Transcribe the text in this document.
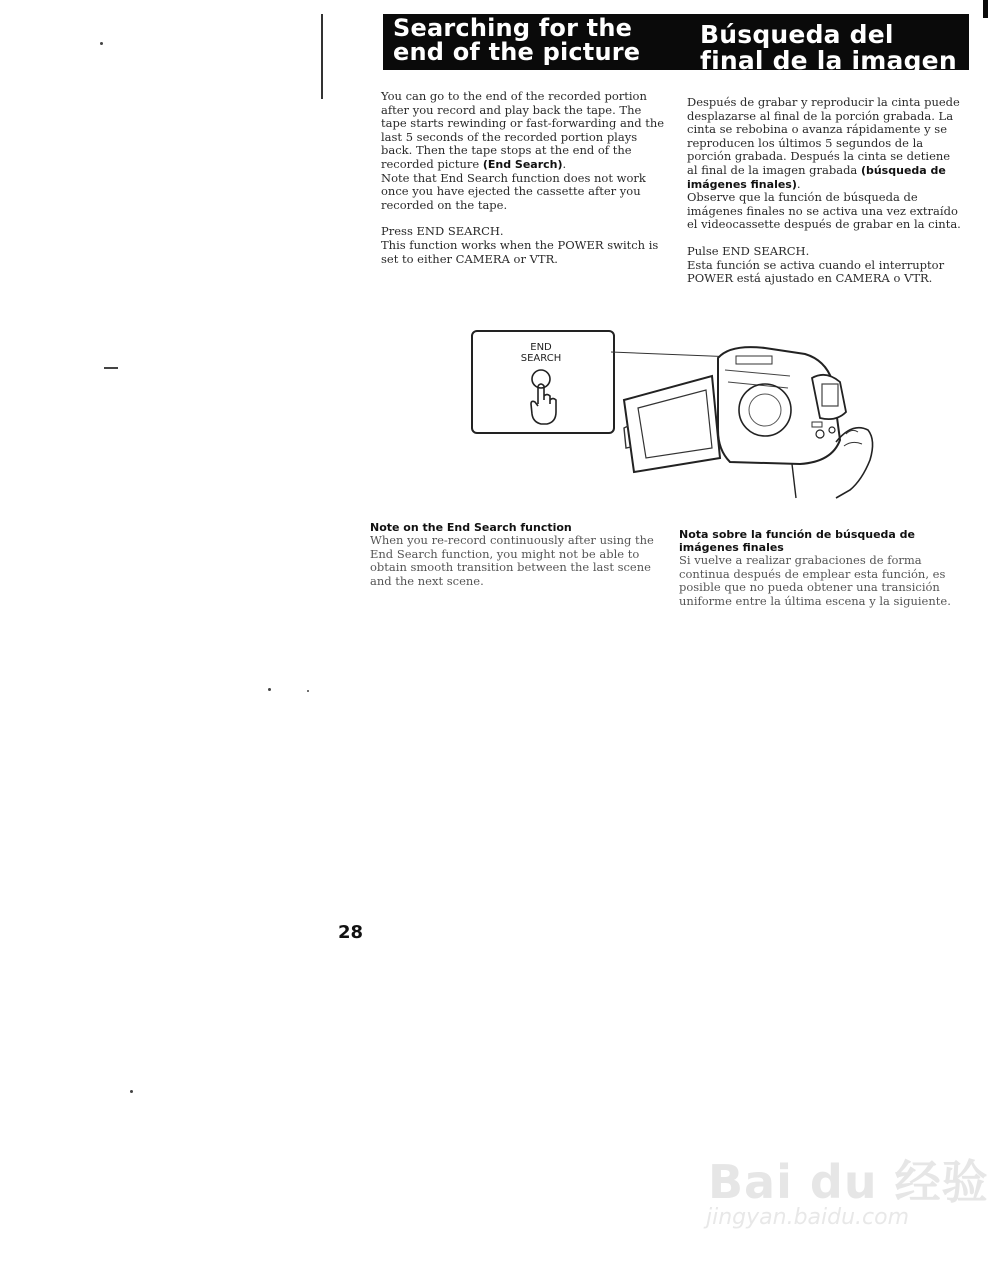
Searching for the end of the picture
Búsqueda del final de la imagen

You can go to the end of the recorded portion after you record and play back the tape. The tape starts rewinding or fast-forwarding and the last 5 seconds of the recorded portion plays back. Then the tape stops at the end of the recorded picture (End Search).

Note that End Search function does not work once you have ejected the cassette after you recorded on the tape.

Press END SEARCH.

This function works when the POWER switch is set to either CAMERA or VTR.

Después de grabar y reproducir la cinta puede desplazarse al final de la porción grabada. La cinta se rebobina o avanza rápidamente y se reproducen los últimos 5 segundos de la porción grabada. Después la cinta se detiene al final de la imagen grabada (búsqueda de imágenes finales).

Observe que la función de búsqueda de imágenes finales no se activa una vez extraído el videocassette después de grabar en la cinta.

Pulse END SEARCH.

Esta función se activa cuando el interruptor POWER está ajustado en CAMERA o VTR.

END
SEARCH
Note on the End Search function

When you re-record continuously after using the End Search function, you might not be able to obtain smooth transition between the last scene and the next scene.

Nota sobre la función de búsqueda de imágenes finales

Si vuelve a realizar grabaciones de forma continua después de emplear esta función, es posible que no pueda obtener una transición uniforme entre la última escena y la siguiente.

28
Bai du 经验
jingyan.baidu.com
